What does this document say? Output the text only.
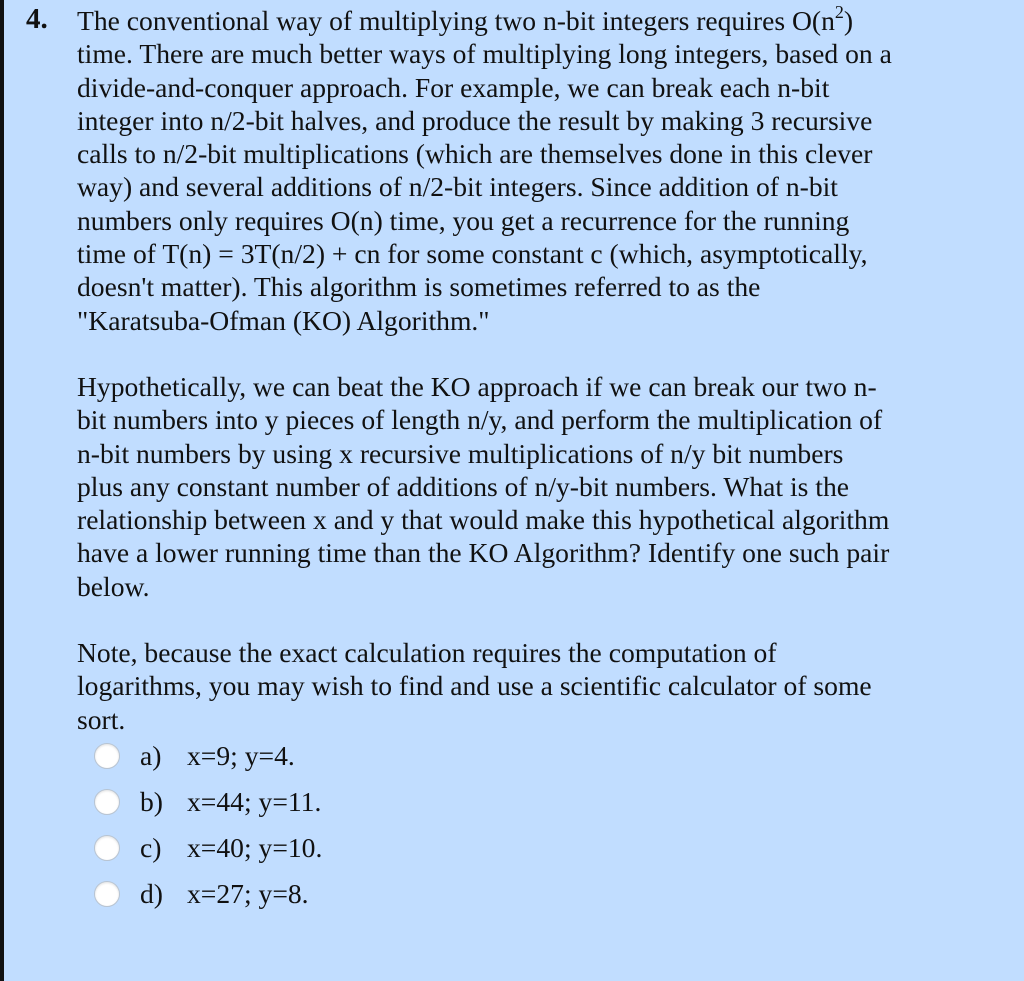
4. The conventional way of multiplying two n-bit integers requires $O(n^2)$
time. There are much better ways of multiplying long integers, based on a
divide-and-conquer approach. For example, we can break each n-bit
integer into n/2-bit halves, and produce the result by making 3 recursive
calls to n/2-bit multiplications (which are themselves done in this clever
way) and several additions of n/2-bit integers. Since addition of n-bit
numbers only requires O(n) time, you get a recurrence for the running
time of T(n) = 3T(n/2) + cn for some constant c (which, asymptotically,
doesn't matter). This algorithm is sometimes referred to as the
"Karatsuba-Ofman (KO) Algorithm."

Hypothetically, we can beat the KO approach if we can break our two n-
bit numbers into y pieces of length n/y, and perform the multiplication of
n-bit numbers by using x recursive multiplications of n/y bit numbers
plus any constant number of additions of n/y-bit numbers. What is the
relationship between x and y that would make this hypothetical algorithm
have a lower running time than the KO Algorithm? Identify one such pair
below.

Note, because the exact calculation requires the computation of
logarithms, you may wish to find and use a scientific calculator of some
sort.

a) x=9; y=4.
b) x=44; y=11.
c) x=40; y=10.
d) x=27; y=8.
